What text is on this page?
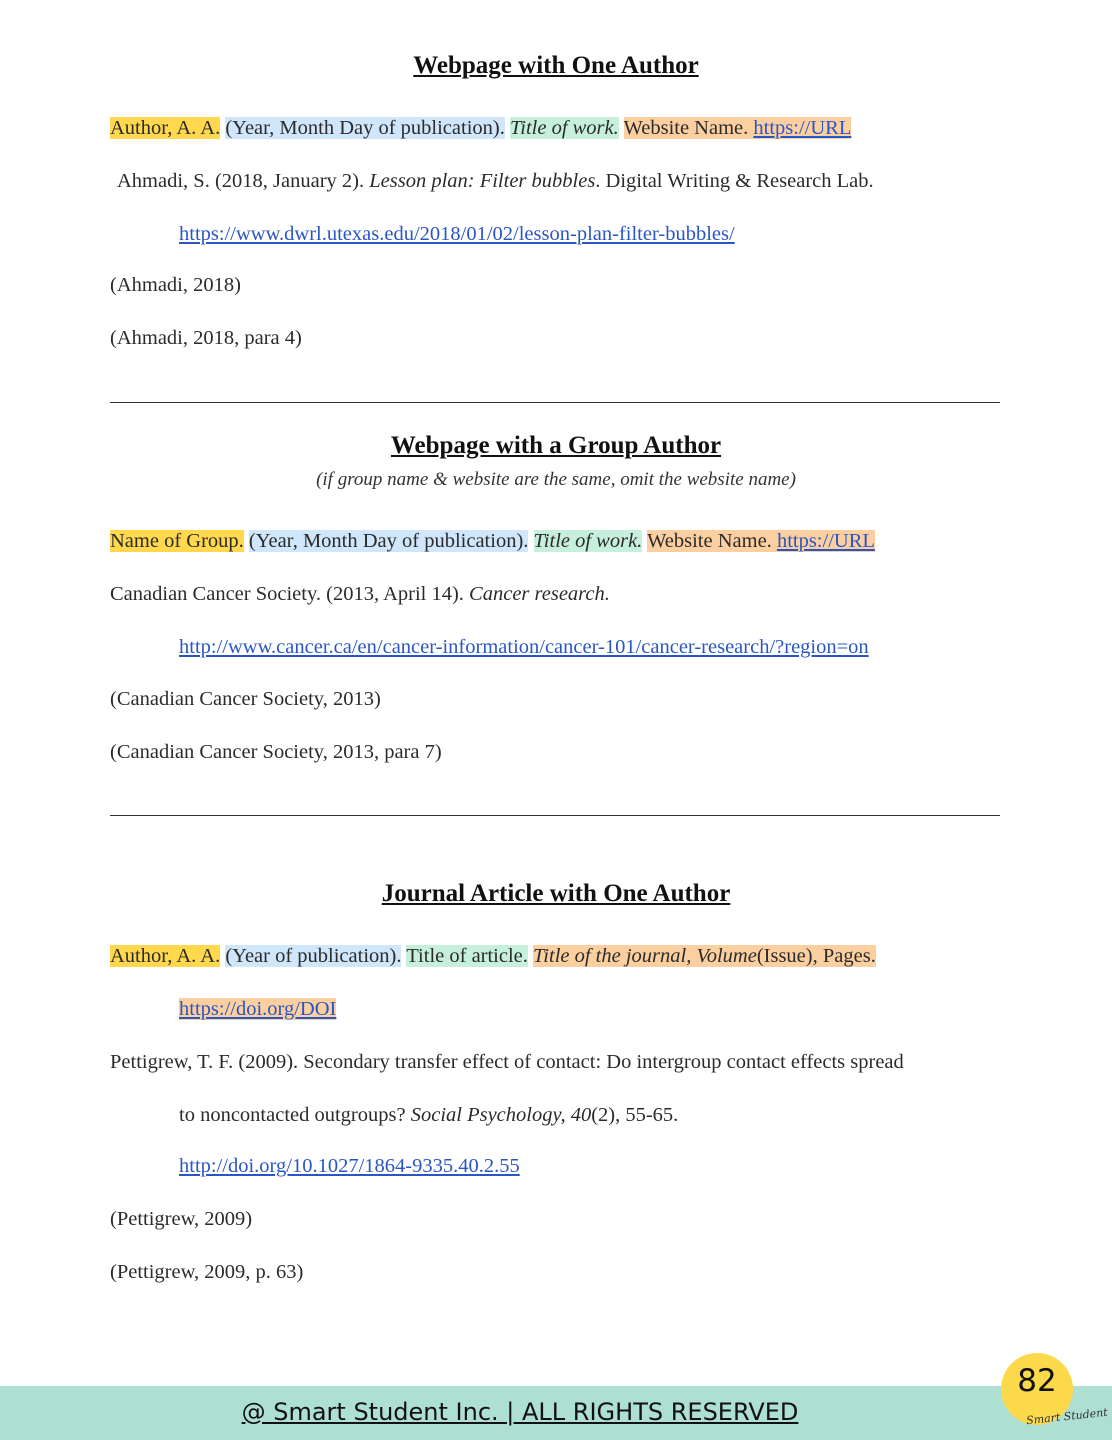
Webpage with One Author
Author, A. A. (Year, Month Day of publication). Title of work. Website Name. https://URL
Ahmadi, S. (2018, January 2). Lesson plan: Filter bubbles. Digital Writing & Research Lab.
https://www.dwrl.utexas.edu/2018/01/02/lesson-plan-filter-bubbles/
(Ahmadi, 2018)
(Ahmadi, 2018, para 4)
Webpage with a Group Author
(if group name & website are the same, omit the website name)
Name of Group. (Year, Month Day of publication). Title of work. Website Name. https://URL
Canadian Cancer Society. (2013, April 14). Cancer research.
http://www.cancer.ca/en/cancer-information/cancer-101/cancer-research/?region=on
(Canadian Cancer Society, 2013)
(Canadian Cancer Society, 2013, para 7)
Journal Article with One Author
Author, A. A. (Year of publication). Title of article. Title of the journal, Volume(Issue), Pages.
https://doi.org/DOI
Pettigrew, T. F. (2009). Secondary transfer effect of contact: Do intergroup contact effects spread
to noncontacted outgroups? Social Psychology, 40(2), 55-65.
http://doi.org/10.1027/1864-9335.40.2.55
(Pettigrew, 2009)
(Pettigrew, 2009, p. 63)
@ Smart Student Inc. | ALL RIGHTS RESERVED
82
Smart Student
